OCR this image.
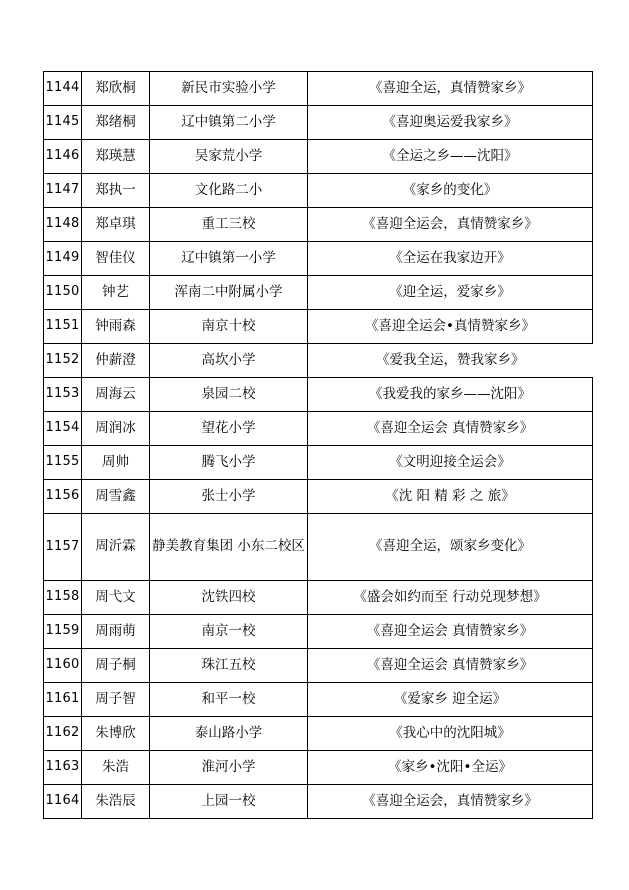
1144	郑欣桐	新民市实验小学	《喜迎全运，真情赞家乡》
1145	郑绪桐	辽中镇第二小学	《喜迎奥运爱我家乡》
1146	郑瑛慧	吴家荒小学	《全运之乡——沈阳》
1147	郑执一	文化路二小	《家乡的变化》
1148	郑卓琪	重工三校	《喜迎全运会，真情赞家乡》
1149	智佳仪	辽中镇第一小学	《全运在我家边开》
1150	钟艺	浑南二中附属小学	《迎全运，爱家乡》
1151	钟雨森	南京十校	《喜迎全运会•真情赞家乡》
1152	仲薪澄	高坎小学	《爱我全运，赞我家乡》
1153	周海云	泉园二校	《我爱我的家乡——沈阳》
1154	周润冰	望花小学	《喜迎全运会 真情赞家乡》
1155	周帅	腾飞小学	《文明迎接全运会》
1156	周雪鑫	张士小学	《沈 阳 精 彩 之 旅》
1157	周沂霖	静美教育集团 小东二校区	《喜迎全运，颂家乡变化》
1158	周弋文	沈铁四校	《盛会如约而至 行动兑现梦想》
1159	周雨萌	南京一校	《喜迎全运会 真情赞家乡》
1160	周子桐	珠江五校	《喜迎全运会 真情赞家乡》
1161	周子智	和平一校	《爱家乡 迎全运》
1162	朱博欣	泰山路小学	《我心中的沈阳城》
1163	朱浩	淮河小学	《家乡•沈阳•全运》
1164	朱浩辰	上园一校	《喜迎全运会，真情赞家乡》
